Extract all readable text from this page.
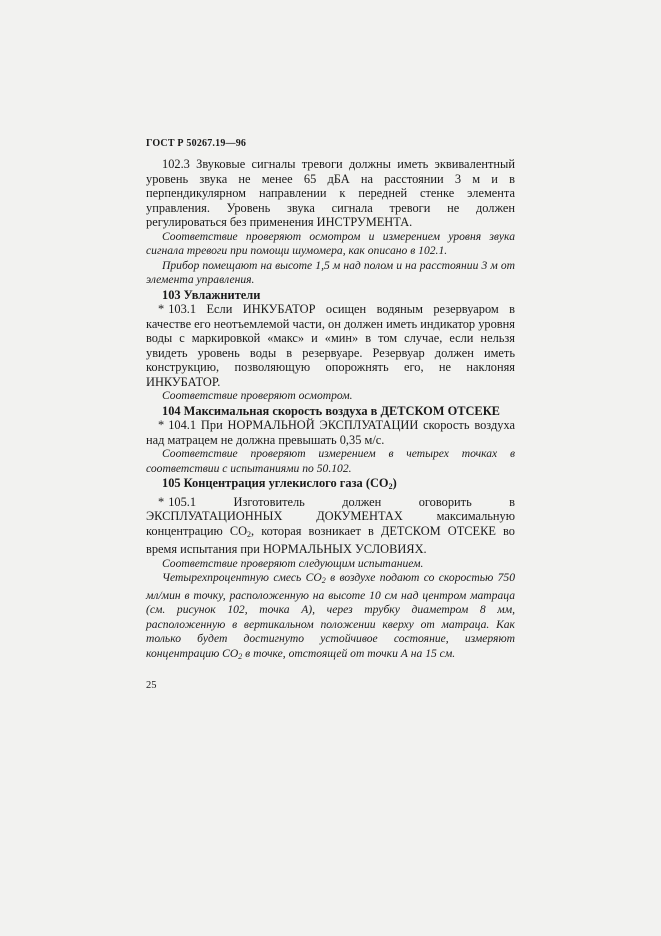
ГОСТ Р 50267.19—96

102.3 Звуковые сигналы тревоги должны иметь эквивалентный уровень звука не менее 65 дБА на расстоянии 3 м и в перпендикулярном направлении к передней стенке элемента управления. Уровень звука сигнала тревоги не должен регулироваться без применения ИНСТРУМЕНТА.

Соответствие проверяют осмотром и измерением уровня звука сигнала тревоги при помощи шумомера, как описано в 102.1.

Прибор помещают на высоте 1,5 м над полом и на расстоянии 3 м от элемента управления.

103 Увлажнители

* 103.1 Если ИНКУБАТОР осищен водяным резервуаром в качестве его неотъемлемой части, он должен иметь индикатор уровня воды с маркировкой «макс» и «мин» в том случае, если нельзя увидеть уровень воды в резервуаре. Резервуар должен иметь конструкцию, позволяющую опорожнять его, не наклоняя ИНКУБАТОР.

Соответствие проверяют осмотром.

104 Максимальная скорость воздуха в ДЕТСКОМ ОТСЕКЕ

* 104.1 При НОРМАЛЬНОЙ ЭКСПЛУАТАЦИИ скорость воздуха над матрацем не должна превышать 0,35 м/с.

Соответствие проверяют измерением в четырех точках в соответствии с испытаниями по 50.102.

105 Концентрация углекислого газа $(СО_2)$

* 105.1 Изготовитель должен оговорить в ЭКСПЛУАТАЦИОННЫХ ДОКУМЕНТАХ максимальную концентрацию $СО_2$, которая возникает в ДЕТСКОМ ОТСЕКЕ во время испытания при НОРМАЛЬНЫХ УСЛОВИЯХ.

Соответствие проверяют следующим испытанием.

Четырехпроцентную смесь $СО_2$ в воздухе подают со скоростью 750 мл/мин в точку, расположенную на высоте 10 см над центром матраца (см. рисунок 102, точка А), через трубку диаметром 8 мм, расположенную в вертикальном положении кверху от матраца. Как только будет достигнуто устойчивое состояние, измеряют концентрацию $СО_2$ в точке, отстоящей от точки А на 15 см.

25
